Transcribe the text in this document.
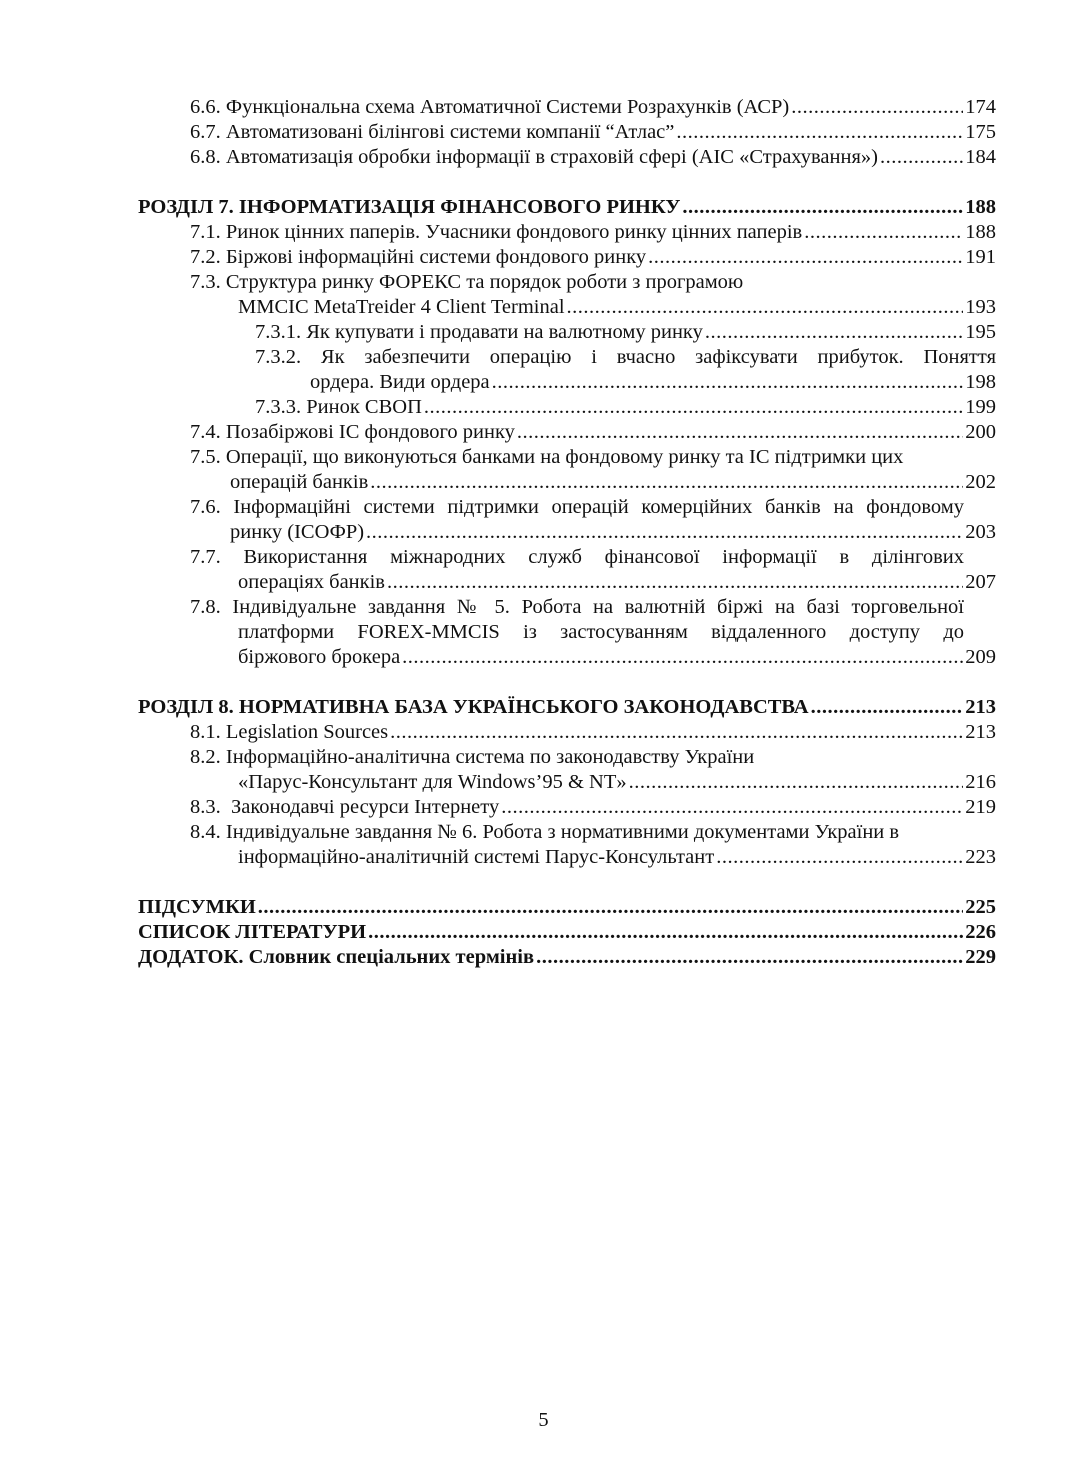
6.6. Функціональна схема Автоматичної Системи Розрахунків (АСР) .....	174
6.7. Автоматизовані білінгові системи компанії “Атлас” .....	175
6.8. Автоматизація обробки інформації в страховій сфері (АІС «Страхування») .....	184
РОЗДІЛ 7. ІНФОРМАТИЗАЦІЯ ФІНАНСОВОГО РИНКУ .....	188
7.1. Ринок цінних паперів. Учасники фондового ринку цінних паперів .....	188
7.2. Біржові інформаційні системи фондового ринку .....	191
7.3. Структура ринку ФОРЕКС та порядок роботи з програмою
MMCIC MetaTreider 4 Client Terminal .....	193
7.3.1. Як купувати і продавати на валютному ринку .....	195
7.3.2. Як забезпечити операцію і вчасно зафіксувати прибуток. Поняття
ордера. Види ордера .....	198
7.3.3. Ринок СВОП .....	199
7.4. Позабіржові ІС фондового ринку .....	200
7.5. Операції, що виконуються банками на фондовому ринку та ІС підтримки цих
операцій банків .....	202
7.6. Інформаційні системи підтримки операцій комерційних банків на фондовому
ринку (ІСОФР) .....	203
7.7. Використання міжнародних служб фінансової інформації в ділінгових
операціях банків .....	207
7.8. Індивідуальне завдання № 5. Робота на валютній біржі на базі торговельної
платформи FOREX-MMCIS із застосуванням віддаленного доступу до
біржового брокера .....	209
РОЗДІЛ 8. НОРМАТИВНА БАЗА УКРАЇНСЬКОГО ЗАКОНОДАВСТВА .....	213
8.1. Legislation Sources .....	213
8.2. Інформаційно-аналітична система по законодавству України
«Парус-Консультант для Windows’95 & NT» .....	216
8.3.  Законодавчі ресурси Інтернету .....	219
8.4. Індивідуальне завдання № 6. Робота з нормативними документами України в
інформаційно-аналітичній системі Парус-Консультант .....	223
ПІДСУМКИ .....	225
СПИСОК ЛІТЕРАТУРИ .....	226
ДОДАТОК. Словник спеціальних термінів .....	229
5
